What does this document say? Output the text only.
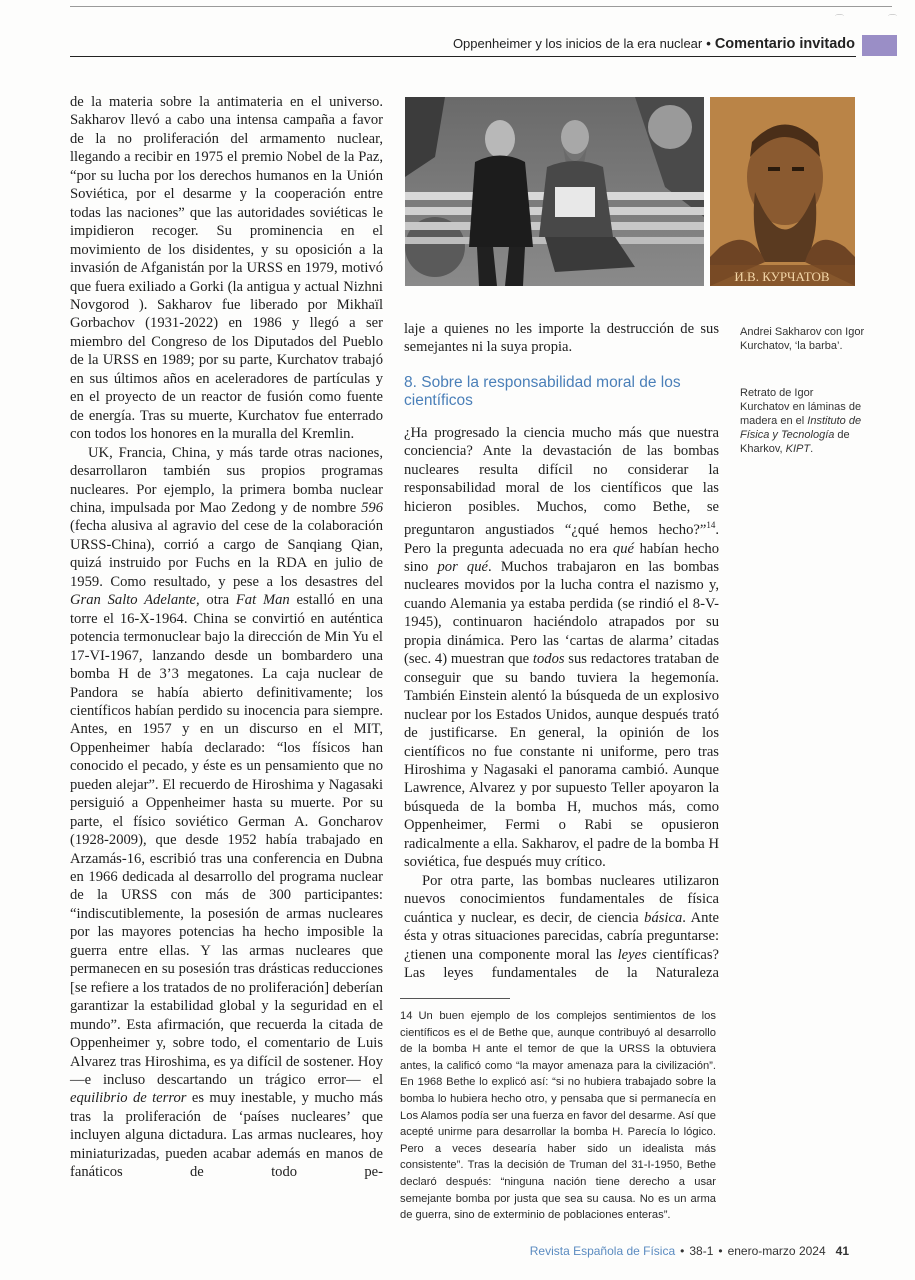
⌒	⌒
Oppenheimer y los inicios de la era nuclear • Comentario invitado

de la materia sobre la antimateria en el universo. Sakharov llevó a cabo una intensa campaña a favor de la no proliferación del armamento nuclear, llegando a recibir en 1975 el premio Nobel de la Paz, “por su lucha por los derechos humanos en la Unión Soviética, por el desarme y la cooperación entre todas las naciones” que las autoridades soviéticas le impidieron recoger. Su prominencia en el movimiento de los disidentes, y su oposición a la invasión de Afganistán por la URSS en 1979, motivó que fuera exiliado a Gorki (la antigua y actual Nizhni Novgorod ). Sakharov fue liberado por Mikhaïl Gorbachov (1931-2022) en 1986 y llegó a ser miembro del Congreso de los Diputados del Pueblo de la URSS en 1989; por su parte, Kurchatov trabajó en sus últimos años en aceleradores de partículas y en el proyecto de un reactor de fusión como fuente de energía. Tras su muerte, Kurchatov fue enterrado con todos los honores en la muralla del Kremlin.

UK, Francia, China, y más tarde otras naciones, desarrollaron también sus propios programas nucleares. Por ejemplo, la primera bomba nuclear china, impulsada por Mao Zedong y de nombre 596 (fecha alusiva al agravio del cese de la colaboración URSS-China), corrió a cargo de Sanqiang Qian, quizá instruido por Fuchs en la RDA en julio de 1959. Como resultado, y pese a los desastres del Gran Salto Adelante, otra Fat Man estalló en una torre el 16-X-1964. China se convirtió en auténtica potencia termonuclear bajo la dirección de Min Yu el 17-VI-1967, lanzando desde un bombardero una bomba H de 3’3 megatones. La caja nuclear de Pandora se había abierto definitivamente; los científicos habían perdido su inocencia para siempre. Antes, en 1957 y en un discurso en el MIT, Oppenheimer había declarado: “los físicos han conocido el pecado, y éste es un pensamiento que no pueden alejar”. El recuerdo de Hiroshima y Nagasaki persiguió a Oppenheimer hasta su muerte. Por su parte, el físico soviético German A. Goncharov (1928-2009), que desde 1952 había trabajado en Arzamás-16, escribió tras una conferencia en Dubna en 1966 dedicada al desarrollo del programa nuclear de la URSS con más de 300 participantes: “indiscutiblemente, la posesión de armas nucleares por las mayores potencias ha hecho imposible la guerra entre ellas. Y las armas nucleares que permanecen en su posesión tras drásticas reducciones [se refiere a los tratados de no proliferación] deberían garantizar la estabilidad global y la seguridad en el mundo”. Esta afirmación, que recuerda la citada de Oppenheimer y, sobre todo, el comentario de Luis Alvarez tras Hiroshima, es ya difícil de sostener. Hoy —e incluso descartando un trágico error— el equilibrio de terror es muy inestable, y mucho más tras la proliferación de ‘países nucleares’ que incluyen alguna dictadura. Las armas nucleares, hoy miniaturizadas, pueden acabar además en manos de fanáticos de todo pe-

И.В. КУРЧАТОВ
Andrei Sakharov con Igor Kurchatov, ‘la barba’.
Retrato de Igor Kurchatov en láminas de madera en el Instituto de Física y Tecnología de Kharkov, KIPT.

laje a quienes no les importe la destrucción de sus semejantes ni la suya propia.

8. Sobre la responsabilidad moral de los científicos

¿Ha progresado la ciencia mucho más que nuestra conciencia? Ante la devastación de las bombas nucleares resulta difícil no considerar la responsabilidad moral de los científicos que las hicieron posibles. Muchos, como Bethe, se preguntaron angustiados “¿qué hemos hecho?”$^{14}$. Pero la pregunta adecuada no era qué habían hecho sino por qué. Muchos trabajaron en las bombas nucleares movidos por la lucha contra el nazismo y, cuando Alemania ya estaba perdida (se rindió el 8-V-1945), continuaron haciéndolo atrapados por su propia dinámica. Pero las ‘cartas de alarma’ citadas (sec. 4) muestran que todos sus redactores trataban de conseguir que su bando tuviera la hegemonía. También Einstein alentó la búsqueda de un explosivo nuclear por los Estados Unidos, aunque después trató de justificarse. En general, la opinión de los científicos no fue constante ni uniforme, pero tras Hiroshima y Nagasaki el panorama cambió. Aunque Lawrence, Alvarez y por supuesto Teller apoyaron la búsqueda de la bomba H, muchos más, como Oppenheimer, Fermi o Rabi se opusieron radicalmente a ella. Sakharov, el padre de la bomba H soviética, fue después muy crítico.

Por otra parte, las bombas nucleares utilizaron nuevos conocimientos fundamentales de física cuántica y nuclear, es decir, de ciencia básica. Ante ésta y otras situaciones parecidas, cabría preguntarse: ¿tienen una componente moral las leyes científicas? Las leyes fundamentales de la Naturaleza

14 Un buen ejemplo de los complejos sentimientos de los científicos es el de Bethe que, aunque contribuyó al desarrollo de la bomba H ante el temor de que la URSS la obtuviera antes, la calificó como “la mayor amenaza para la civilización”. En 1968 Bethe lo explicó así: “si no hubiera trabajado sobre la bomba lo hubiera hecho otro, y pensaba que si permanecía en Los Alamos podía ser una fuerza en favor del desarme. Así que acepté unirme para desarrollar la bomba H. Parecía lo lógico. Pero a veces desearía haber sido un idealista más consistente”. Tras la decisión de Truman del 31-I-1950, Bethe declaró después: “ninguna nación tiene derecho a usar semejante bomba por justa que sea su causa. No es un arma de guerra, sino de exterminio de poblaciones enteras”.
Revista Española de Física • 38-1 • enero-marzo 2024 41
